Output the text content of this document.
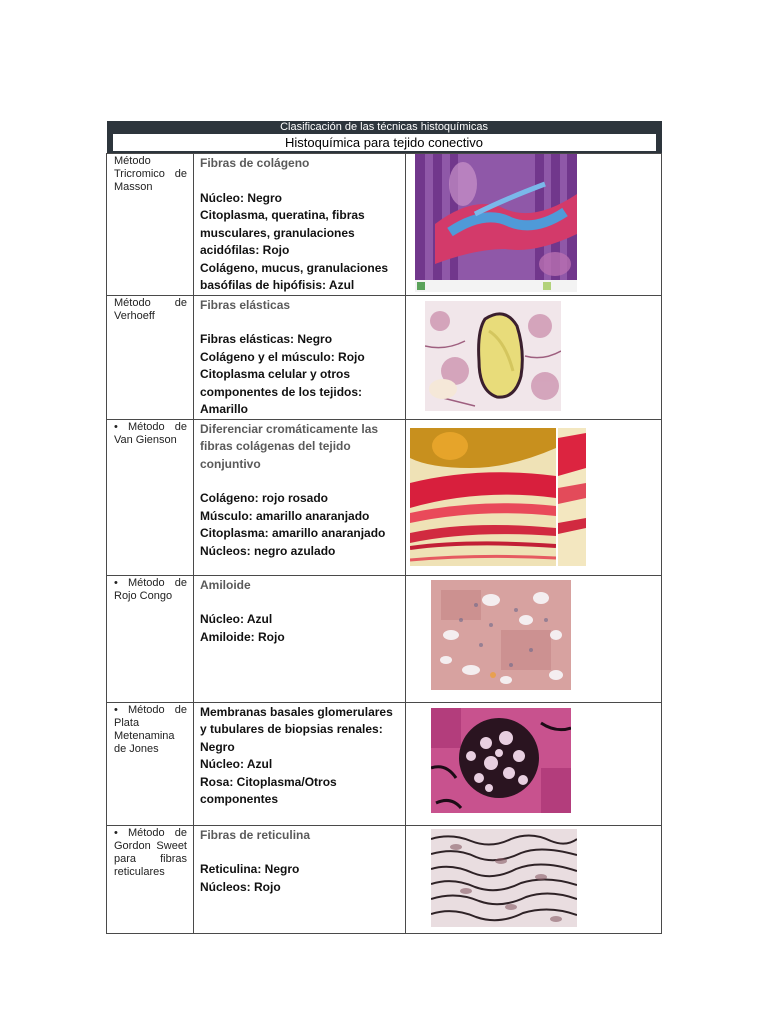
Clasificación de las técnicas histoquímicas		

Histoquímica para tejido conectivo		

Método Tricromico de Masson	Fibras de colágeno
Núcleo: Negro
Citoplasma, queratina, fibras musculares, granulaciones acidófilas: Rojo
Colágeno, mucus, granulaciones basófilas de hipófisis: Azul

Método de Verhoeff	Fibras elásticas
Fibras elásticas: Negro
Colágeno y el músculo: Rojo
Citoplasma celular y otros componentes de los tejidos: Amarillo

• Método de Van Gienson	Diferenciar cromáticamente las fibras colágenas del tejido conjuntivo
Colágeno: rojo rosado
Músculo: amarillo anaranjado
Citoplasma: amarillo anaranjado
Núcleos: negro azulado

• Método de Rojo Congo	Amiloide
Núcleo: Azul
Amiloide: Rojo

• Método de Plata Metenamina de Jones	Membranas basales glomerulares y tubulares de biopsias renales: Negro
Núcleo: Azul
Rosa: Citoplasma/Otros componentes

• Método de Gordon Sweet para fibras reticulares	Fibras de reticulina
Reticulina: Negro
Núcleos: Rojo
